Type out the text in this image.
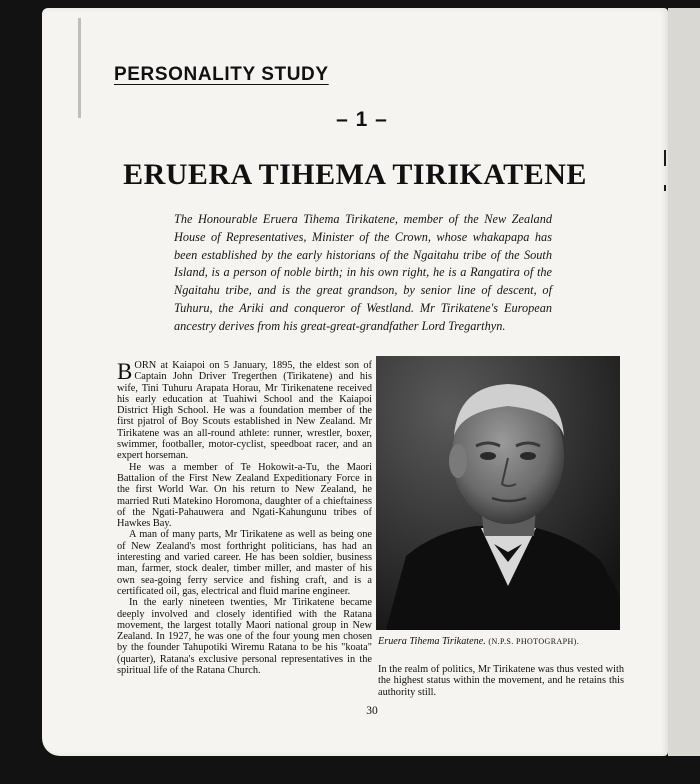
PERSONALITY STUDY
– 1 –
ERUERA TIHEMA TIRIKATENE
The Honourable Eruera Tihema Tirikatene, member of the New Zealand House of Representatives, Minister of the Crown, whose whakapapa has been established by the early historians of the Ngaitahu tribe of the South Island, is a person of noble birth; in his own right, he is a Rangatira of the Ngaitahu tribe, and is the great grandson, by senior line of descent, of Tuhuru, the Ariki and conqueror of Westland. Mr Tirikatene's European ancestry derives from his great-great-grandfather Lord Tregarthyn.

BORN at Kaiapoi on 5 January, 1895, the eldest son of Captain John Driver Tregerthen (Tirikatene) and his wife, Tini Tuhuru Arapata Horau, Mr Tirikenatene received his early education at Tuahiwi School and the Kaiapoi District High School. He was a foundation member of the first pjatrol of Boy Scouts established in New Zealand. Mr Tirikatene was an all-round athlete: runner, wrestler, boxer, swimmer, footballer, motor-cyclist, speedboat racer, and an expert horseman.

He was a member of Te Hokowit-a-Tu, the Maori Battalion of the First New Zealand Expeditionary Force in the first World War. On his return to New Zealand, he married Ruti Matekino Horomona, daughter of a chieftainess of the Ngati-Pahauwera and Ngati-Kahungunu tribes of Hawkes Bay.

A man of many parts, Mr Tirikatene as well as being one of New Zealand's most forthright politicians, has had an interesting and varied career. He has been soldier, business man, farmer, stock dealer, timber miller, and master of his own sea-going ferry service and fishing craft, and is a certificated oil, gas, electrical and fluid marine engineer.

In the early nineteen twenties, Mr Tirikatene became deeply involved and closely identified with the Ratana movement, the largest totally Maori national group in New Zealand. In 1927, he was one of the four young men chosen by the founder Tahupotiki Wiremu Ratana to be his "koata" (quarter), Ratana's exclusive personal representatives in the spiritual life of the Ratana Church.

Eruera Tihema Tirikatene. (N.P.S. PHOTOGRAPH).
In the realm of politics, Mr Tirikatene was thus vested with the highest status within the movement, and he retains this authority still.
30
